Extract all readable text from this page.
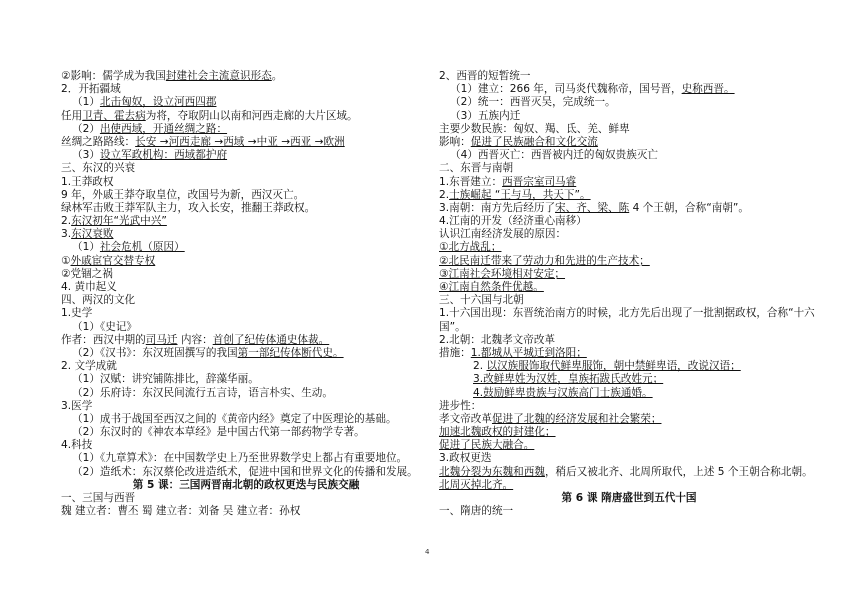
②影响：儒学成为我国封建社会主流意识形态。
2．开拓疆域
（1）北击匈奴，设立河西四郡
任用卫青、霍去病为将，夺取阴山以南和河西走廊的大片区域。
（2）出使西域，开通丝绸之路：
丝绸之路路线：长安 →河西走廊 →西域 →中亚 →西亚 →欧洲
（3）设立军政机构：西域都护府
三、东汉的兴衰
1.王莽政权
9 年，外戚王莽夺取皇位，改国号为新，西汉灭亡。
绿林军击败王莽军队主力，攻入长安，推翻王莽政权。
2.东汉初年“光武中兴”
3.东汉衰败
（1）社会危机（原因）
①外戚宦官交替专权
②党锢之祸
4. 黄巾起义
四、两汉的文化
1.史学
（1）《史记》
作者：西汉中期的司马迁 内容：首创了纪传体通史体裁。
（2）《汉书》：东汉班固撰写的我国第一部纪传体断代史。
2. 文学成就
（1）汉赋：讲究铺陈排比，辞藻华丽。
（2）乐府诗：东汉民间流行五言诗，语言朴实、生动。
3.医学
（1）成书于战国至西汉之间的《黄帝内经》奠定了中医理论的基础。
（2）东汉时的《神农本草经》是中国古代第一部药物学专著。
4.科技
（1）《九章算术》：在中国数学史上乃至世界数学史上都占有重要地位。
（2）造纸术：东汉蔡伦改进造纸术，促进中国和世界文化的传播和发展。
第 5 课：三国两晋南北朝的政权更迭与民族交融
一、三国与西晋
魏 建立者：曹丕 蜀 建立者：刘备 吴 建立者：孙权
2、西晋的短暂统一
（1）建立：266 年，司马炎代魏称帝，国号晋，史称西晋。
（2）统一：西晋灭吴，完成统一。
（3）五族内迁
主要少数民族：匈奴、羯、氐、羌、鲜卑
影响：促进了民族融合和文化交流
（4）西晋灭亡：西晋被内迁的匈奴贵族灭亡
二、东晋与南朝
1.东晋建立：西晋宗室司马睿
2.士族崛起 “王与马，共天下”。
3.南朝：南方先后经历了宋、齐、梁、陈 4 个王朝，合称“南朝”。
4.江南的开发（经济重心南移）
认识江南经济发展的原因：
①北方战乱；
②北民南迁带来了劳动力和先进的生产技术；
③江南社会环境相对安定；
④江南自然条件优越。
三、十六国与北朝
1.十六国出现：东晋统治南方的时候，北方先后出现了一批割据政权，合称“十六
国”。
2.北朝：北魏孝文帝改革
措施：1.都城从平城迁到洛阳；
2. 以汉族服饰取代鲜卑服饰，朝中禁鲜卑语，改说汉语；
3.改鲜卑姓为汉姓，皇族拓跋氏改姓元；
4.鼓励鲜卑贵族与汉族高门士族通婚。
进步性：
孝文帝改革促进了北魏的经济发展和社会繁荣；
加速北魏政权的封建化；
促进了民族大融合。
3.政权更迭
北魏分裂为东魏和西魏，稍后又被北齐、北周所取代，上述 5 个王朝合称北朝。
北周灭掉北齐。
第 6 课 隋唐盛世到五代十国
一、隋唐的统一
4
